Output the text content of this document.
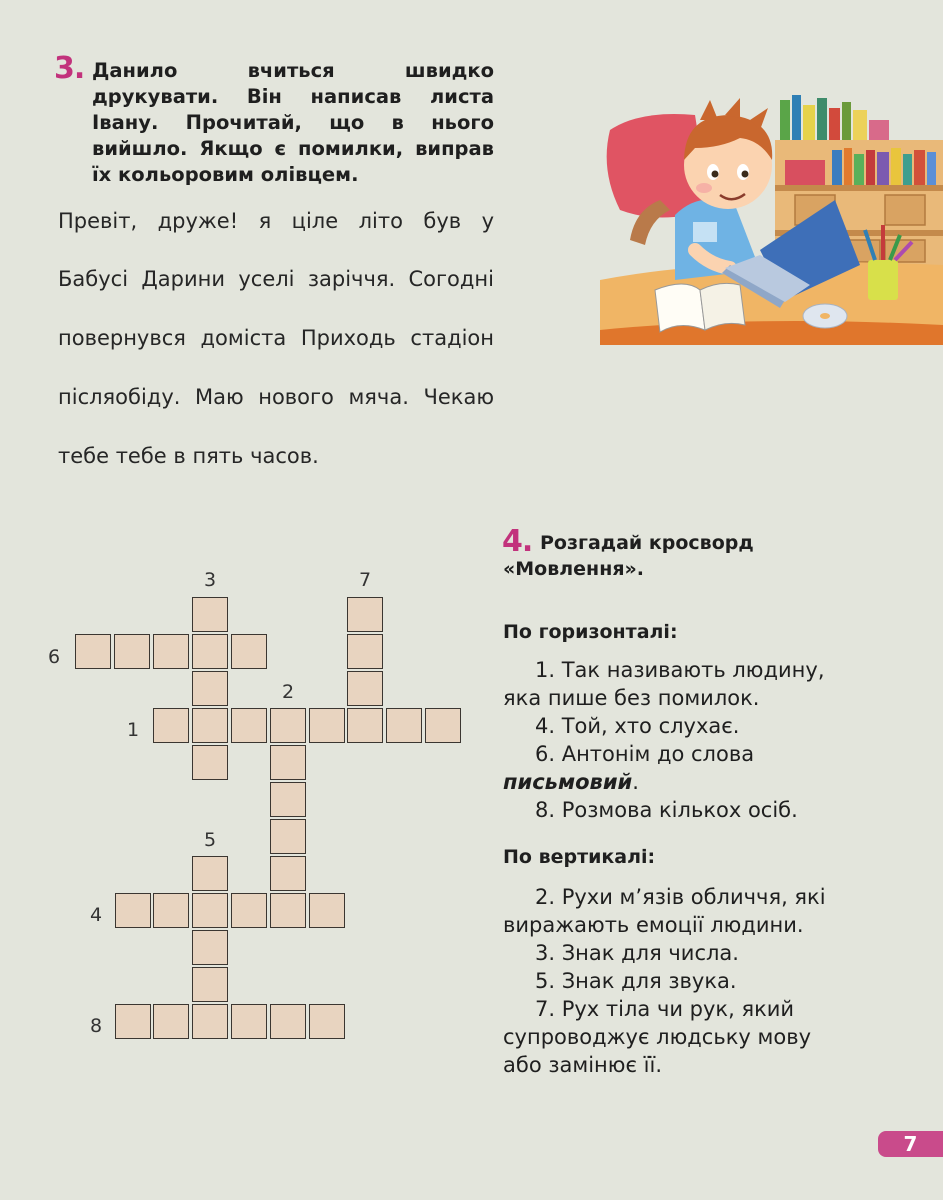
3. Данило вчиться швидко друкувати. Він написав листа Івану. Прочитай, що в нього вийшло. Якщо є помилки, виправ їх кольоровим олівцем.
Превіт, друже! я ціле літо був у
Бабусі Дарини уселі заріччя. Согодні
повернувся доміста Приходь стадіон
післяобіду. Маю нового мяча. Чекаю
тебе тебе в пять часов.
3	7
6
2
1
5
4
8
4. Розгадай кросворд
«Мовлення».
По горизонталі:
1. Так називають людину,
яка пише без помилок.
4. Той, хто слухає.
6. Антонім до слова
письмовий.
8. Розмова кількох осіб.
По вертикалі:
2. Рухи м’язів обличчя, які
виражають емоції людини.
3. Знак для числа.
5. Знак для звука.
7. Рух тіла чи рук, який
супроводжує людську мову
або замінює її.
7
